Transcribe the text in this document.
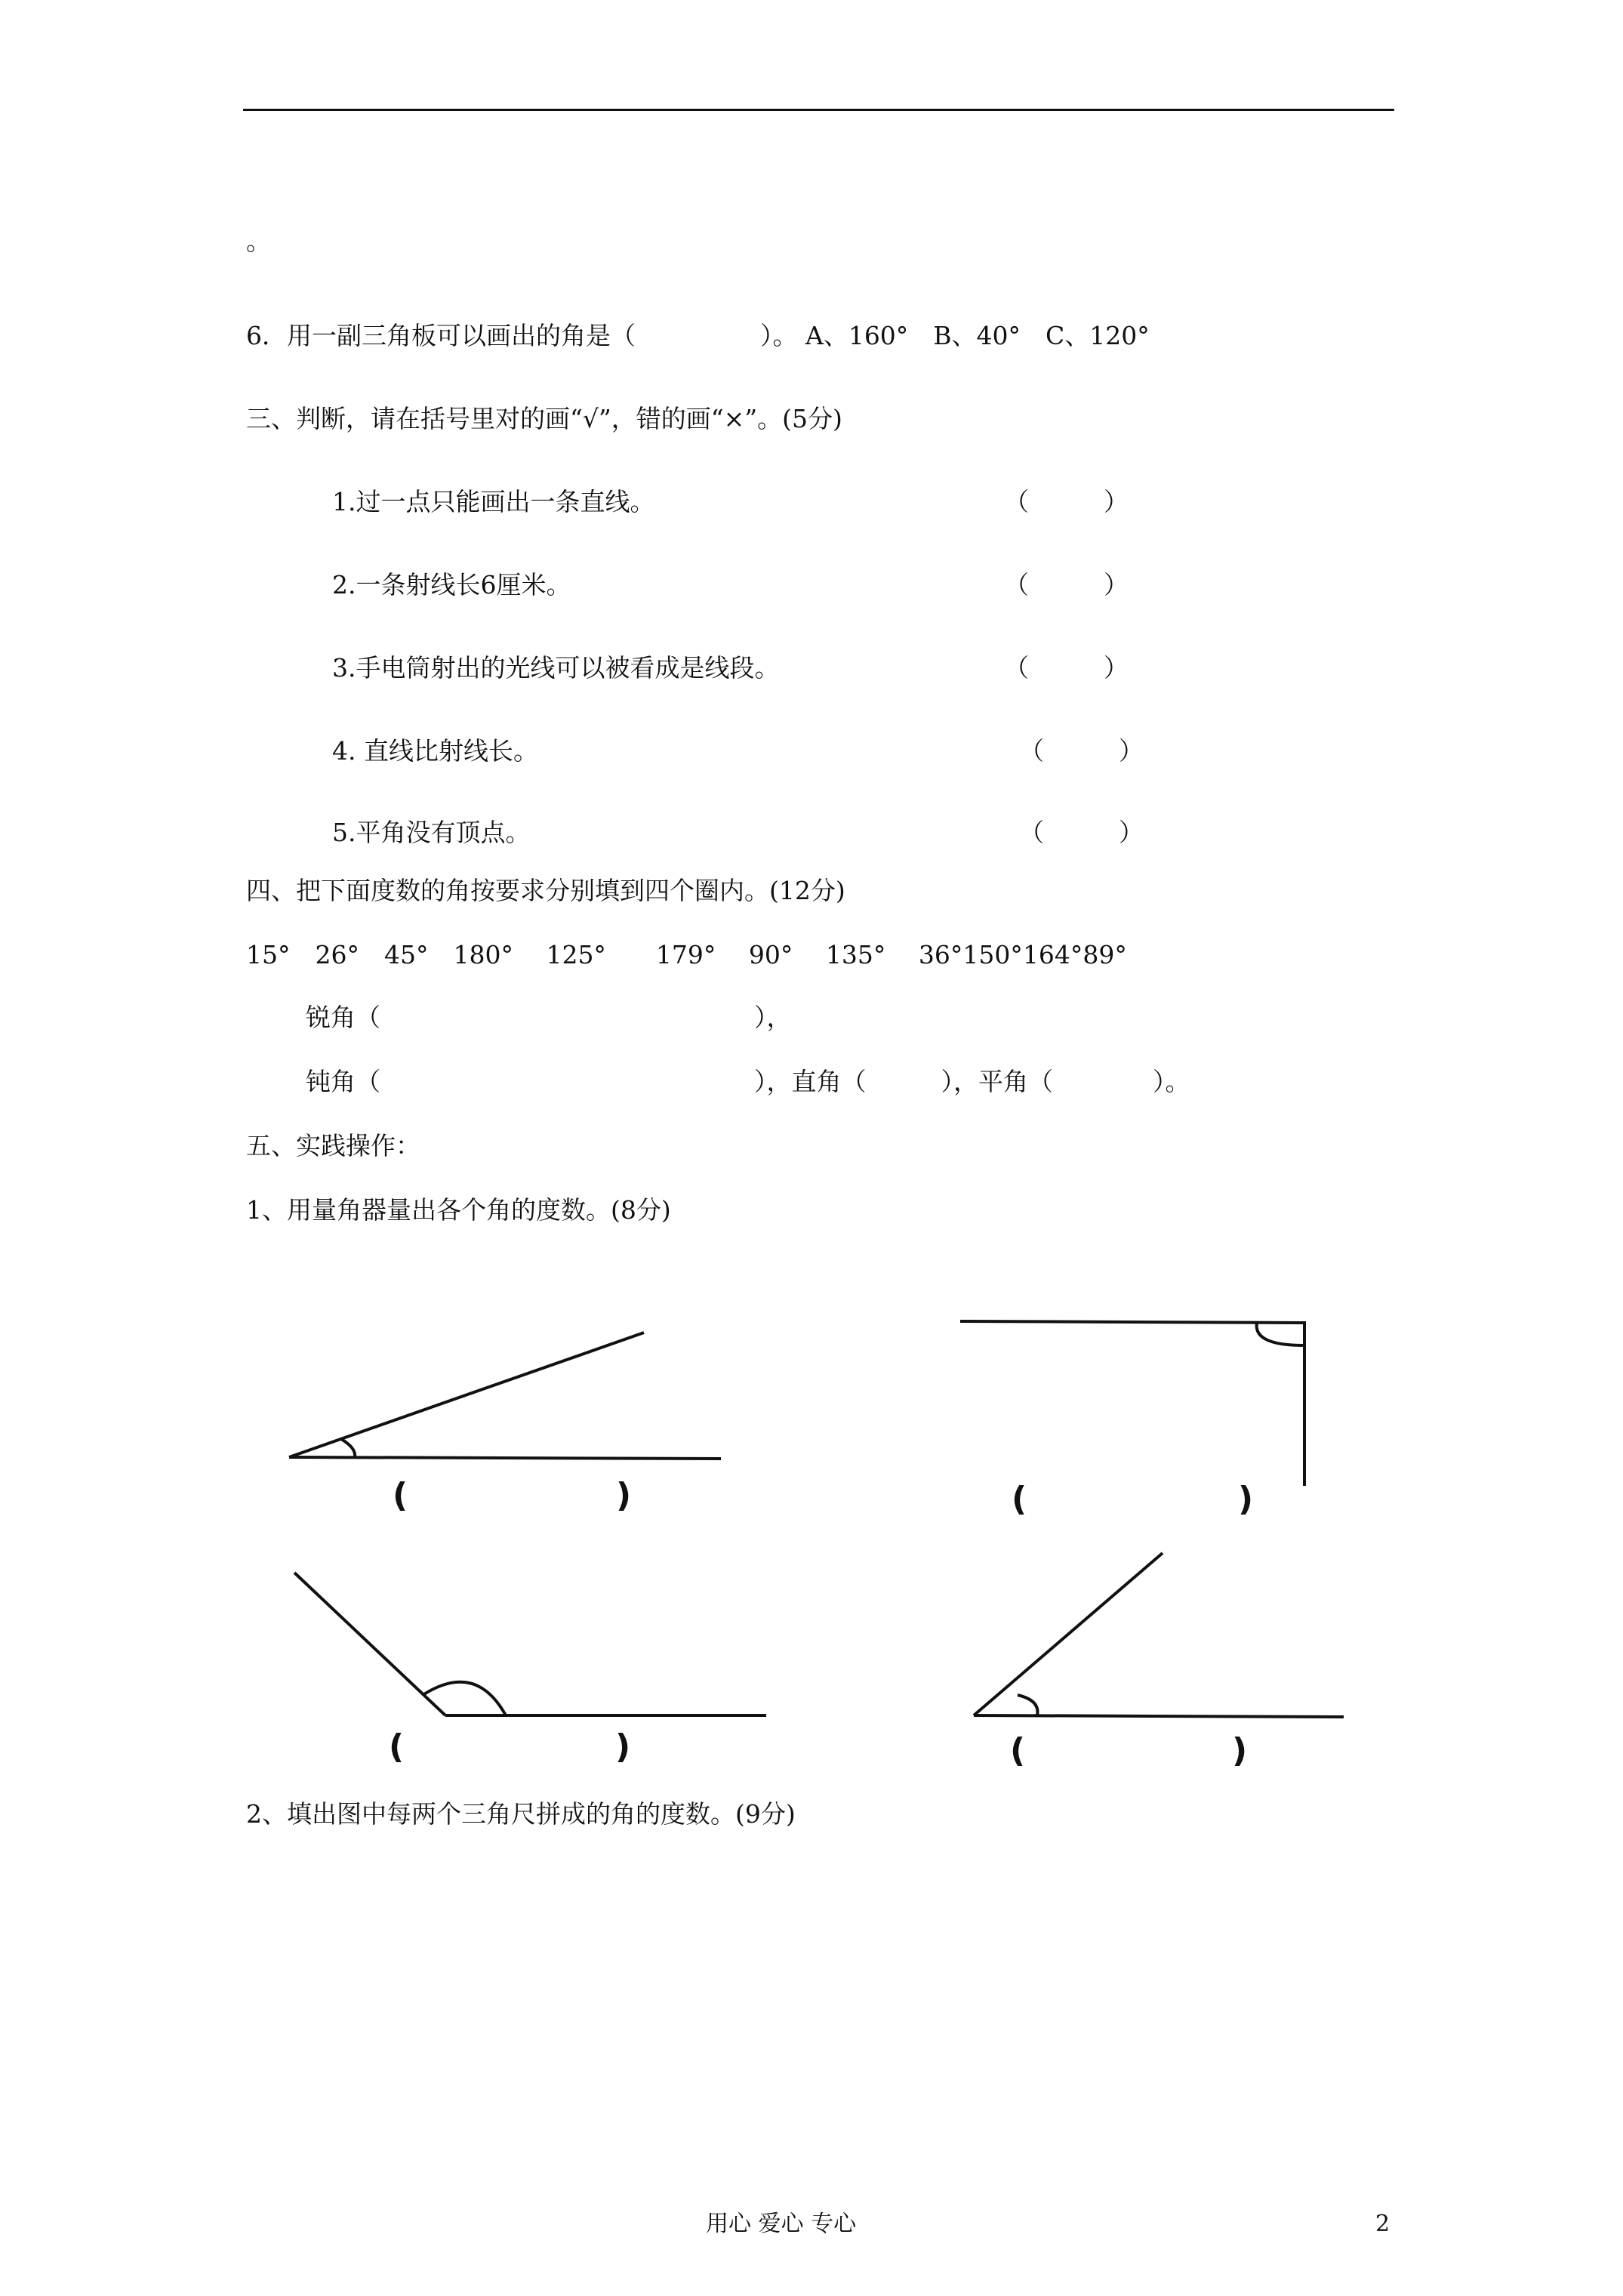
。
6．用一副三角板可以画出的角是（　　　　　）。 A、160°　B、40°　C、120°
三、判断，请在括号里对的画“√”，错的画“×”。(5分)
1.过一点只能画出一条直线。	（　　　）
2.一条射线长6厘米。	（　　　）
3.手电筒射出的光线可以被看成是线段。	（　　　）
4. 直线比射线长。	（　　　）
5.平角没有顶点。	（　　　）
四、把下面度数的角按要求分别填到四个圈内。(12分)
15°　26°　45°　180°　 125°　　179°　 90°　 135°　 36°150°164°89°
锐角（　　　　　　　　　　　　　　　），
钝角（　　　　　　　　　　　　　　　），直角（　　　），平角（　　　　）。
五、实践操作：
1、用量角器量出各个角的度数。(8分)
(	)	(	)
(	)	(	)
2、填出图中每两个三角尺拼成的角的度数。(9分)
用心 爱心 专心	2
